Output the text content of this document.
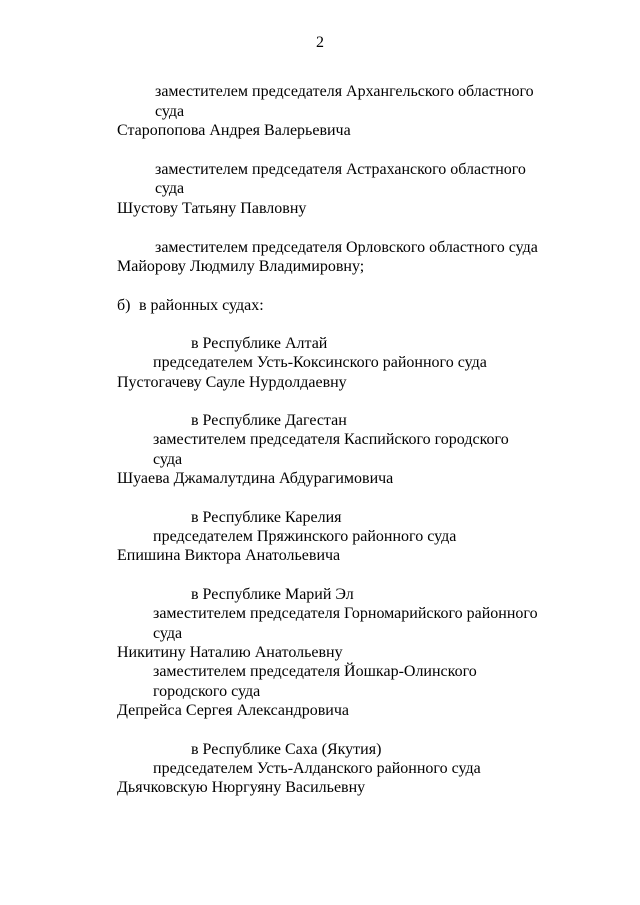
2
заместителем председателя Архангельского областного
суда
Старопопова Андрея Валерьевича
заместителем председателя Астраханского областного
суда
Шустову Татьяну Павловну
заместителем председателя Орловского областного суда
Майорову Людмилу Владимировну;
б) в районных судах:
в Республике Алтай
председателем Усть-Коксинского районного суда
Пустогачеву Сауле Нурдолдаевну
в Республике Дагестан
заместителем председателя Каспийского городского
суда
Шуаева Джамалутдина Абдурагимовича
в Республике Карелия
председателем Пряжинского районного суда
Епишина Виктора Анатольевича
в Республике Марий Эл
заместителем председателя Горномарийского районного
суда
Никитину Наталию Анатольевну
заместителем председателя Йошкар-Олинского
городского суда
Депрейса Сергея Александровича
в Республике Саха (Якутия)
председателем Усть-Алданского районного суда
Дьячковскую Нюргуяну Васильевну
